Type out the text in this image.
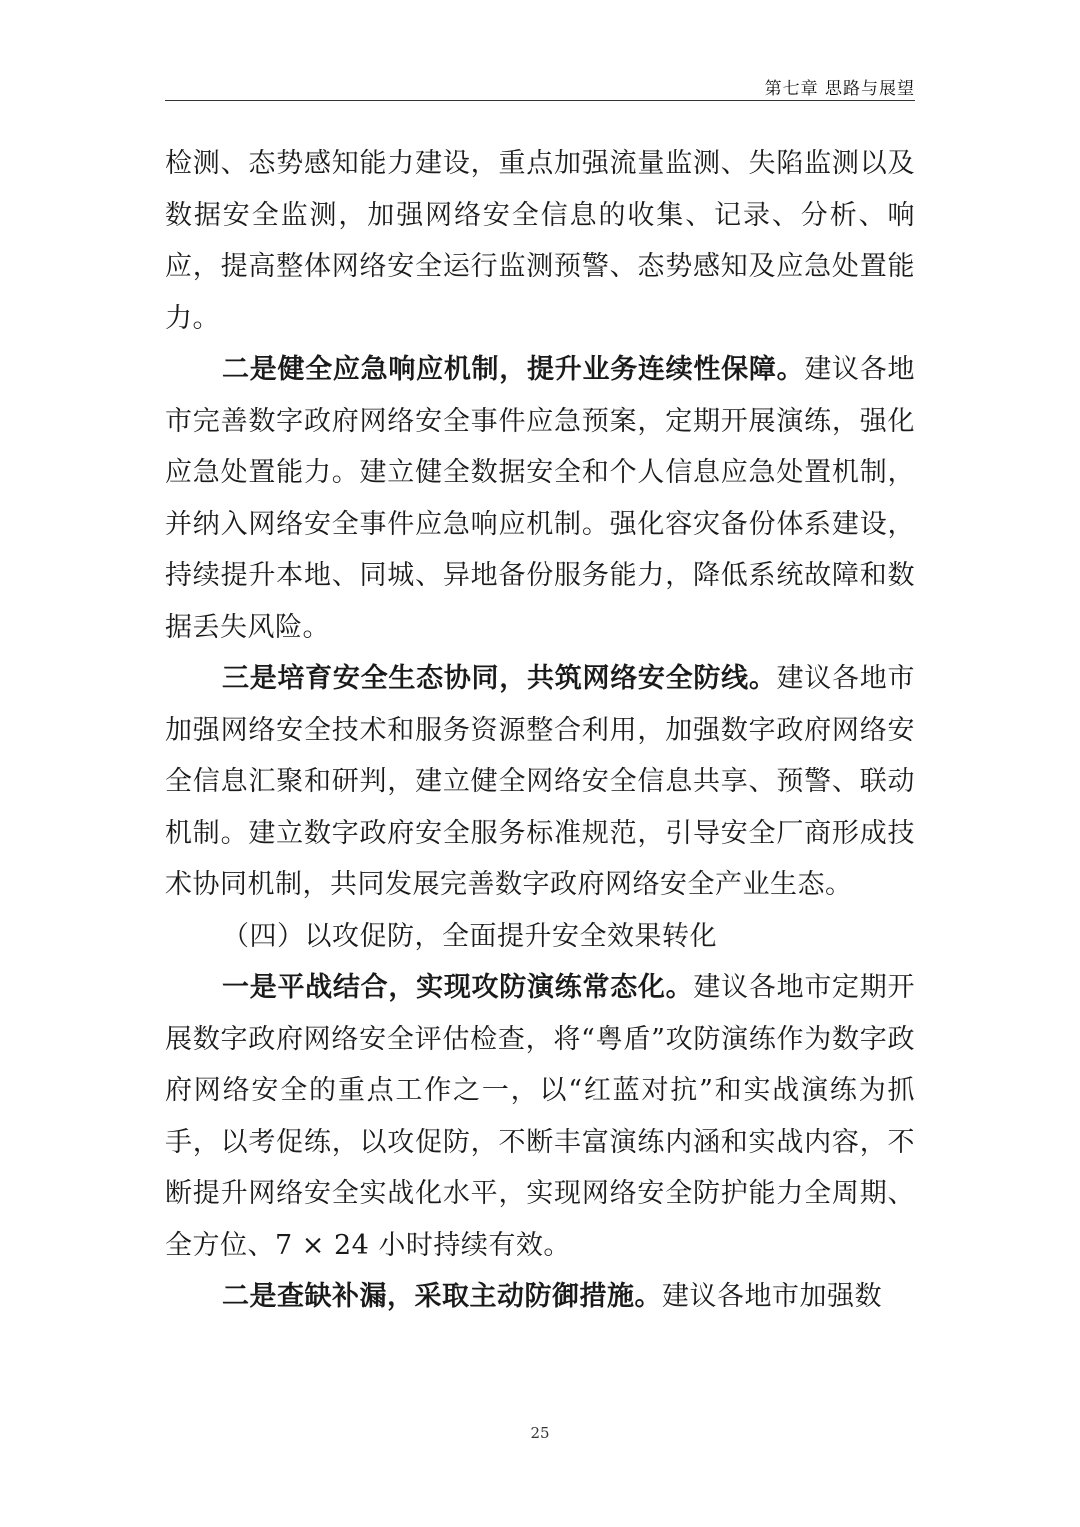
第七章 思路与展望

检测、态势感知能力建设，重点加强流量监测、失陷监测以及数据安全监测，加强网络安全信息的收集、记录、分析、响应，提高整体网络安全运行监测预警、态势感知及应急处置能力。

二是健全应急响应机制，提升业务连续性保障。建议各地市完善数字政府网络安全事件应急预案，定期开展演练，强化应急处置能力。建立健全数据安全和个人信息应急处置机制，并纳入网络安全事件应急响应机制。强化容灾备份体系建设，持续提升本地、同城、异地备份服务能力，降低系统故障和数据丢失风险。

三是培育安全生态协同，共筑网络安全防线。建议各地市加强网络安全技术和服务资源整合利用，加强数字政府网络安全信息汇聚和研判，建立健全网络安全信息共享、预警、联动机制。建立数字政府安全服务标准规范，引导安全厂商形成技术协同机制，共同发展完善数字政府网络安全产业生态。

（四）以攻促防，全面提升安全效果转化

一是平战结合，实现攻防演练常态化。建议各地市定期开展数字政府网络安全评估检查，将“粤盾”攻防演练作为数字政府网络安全的重点工作之一，以“红蓝对抗”和实战演练为抓手，以考促练，以攻促防，不断丰富演练内涵和实战内容，不断提升网络安全实战化水平，实现网络安全防护能力全周期、全方位、7 × 24 小时持续有效。

二是查缺补漏，采取主动防御措施。建议各地市加强数

25
